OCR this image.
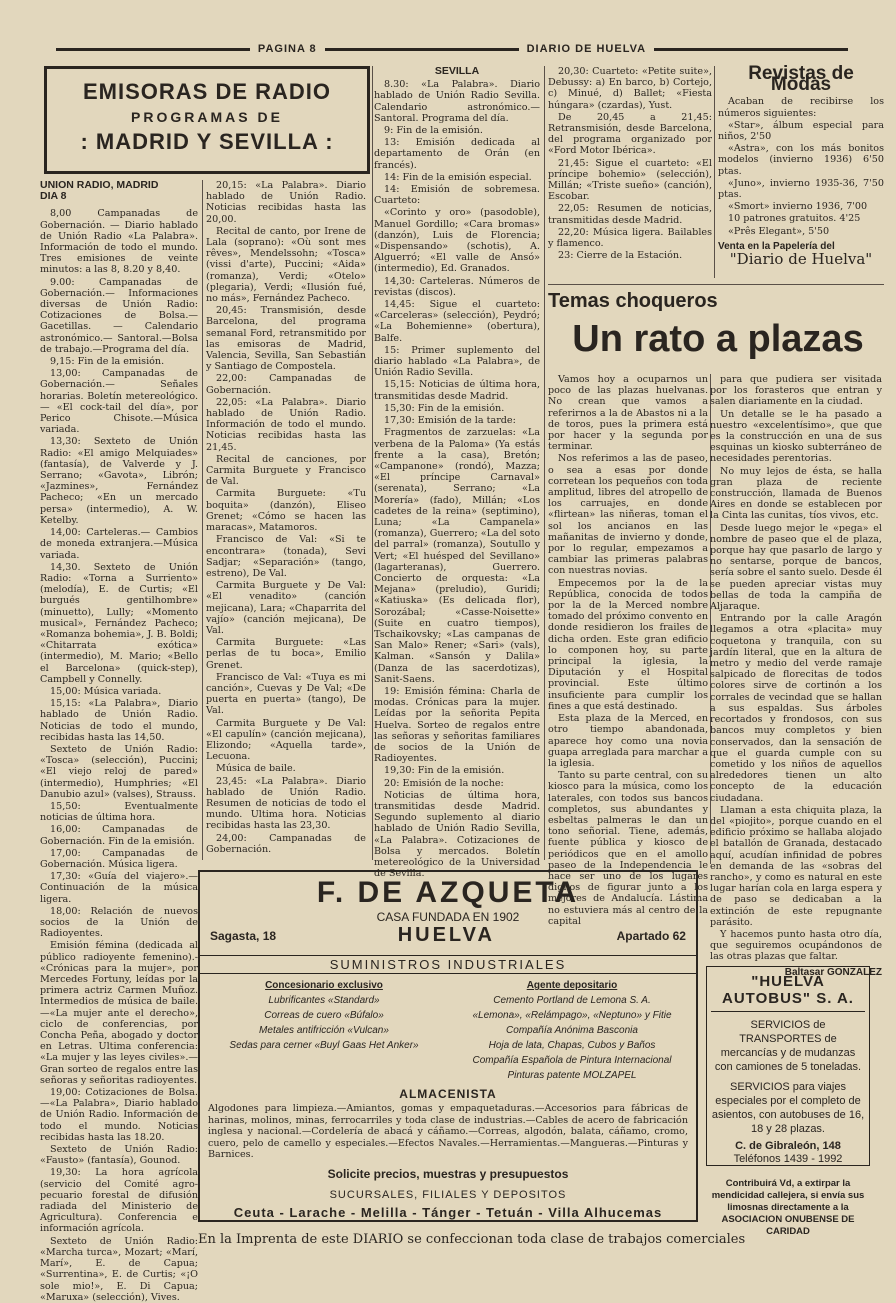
PAGINA 8	DIARIO DE HUELVA
EMISORAS DE RADIO
PROGRAMAS DE
: MADRID Y SEVILLA :
UNION RADIO, MADRID
DIA 8

8,00 Campanadas de Gobernación. — Diario hablado de Unión Radio «La Palabra». Información de todo el mundo. Tres emisiones de veinte minutos: a las 8, 8.20 y 8,40.

9.00: Campanadas de Gobernación.— Informaciones diversas de Unión Radio: Cotizaciones de Bolsa.— Gacetillas. — Calendario astronómico.— Santoral.—Bolsa de trabajo.—Programa del día.

9,15: Fin de la emisión.

13,00: Campanadas de Gobernación.— Señales horarias. Boletín metereológico. — «El cock-tail del día», por Perico Chisote.—Música variada.

13,30: Sexteto de Unión Radio: «El amigo Melquiades» (fantasía), de Valverde y J. Serrano; «Gavota», Librón; «Jazmines», Fernández Pacheco; «En un mercado persa» (intermedio), A. W. Ketelby.

14,00: Carteleras.— Cambios de moneda extranjera.—Música variada.

14,30. Sexteto de Unión Radio: «Torna a Surriento» (melodía), E. de Curtis; «El burgués gentilhombre» (minuetto), Lully; «Momento musical», Fernández Pacheco; «Romanza bohemia», J. B. Boldi; «Chitarrata exótica» (intermedio), M. Mario; «Bello el Barcelona» (quick-step), Campbell y Connelly.

15,00: Música variada.

15,15: «La Palabra», Diario hablado de Unión Radio. Noticias de todo el mundo, recibidas hasta las 14,50.

Sexteto de Unión Radio: «Tosca» (selección), Puccini; «El viejo reloj de pared» (intermedio), Humphries; «El Danubio azul» (valses), Strauss.

15,50: Eventualmente noticias de última hora.

16,00: Campanadas de Gobernación. Fin de la emisión.

17,00: Campanadas de Gobernación. Música ligera.

17,30: «Guía del viajero».— Continuación de la música ligera.

18,00: Relación de nuevos socios de la Unión de Radioyentes.

Emisión fémina (dedicada al público radioyente femenino).- «Crónicas para la mujer», por Mercedes Fortuny, leídas por la primera actriz Carmen Muñoz. Intermedios de música de baile.—«La mujer ante el derecho», ciclo de conferencias, por Concha Peña, abogado y doctor en Letras. Ultima conferencia: «La mujer y las leyes civiles».—Gran sorteo de regalos entre las señoras y señoritas radioyentes.

19,00: Cotizaciones de Bolsa.—«La Palabra», Diario hablado de Unión Radio. Información de todo el mundo. Noticias recibidas hasta las 18.20.

Sexteto de Unión Radio: «Fausto» (fantasía), Gounod.

19,30: La hora agrícola (servicio del Comité agro-pecuario forestal de difusión radiada del Ministerio de Agricultura). Conferencia e información agrícola.

Sexteto de Unión Radio: «Marcha turca», Mozart; «Marí, Marí», E. de Capua; «Surrentina», E. de Curtis; «¡O sole mio!», E. Di Capua; «Maruxa» (selección), Vives.

20,15: «La Palabra». Diario hablado de Unión Radio. Noticias recibidas hasta las 20,00.

Recital de canto, por Irene de Lala (soprano): «Où sont mes rêves», Mendelssohn; «Tosca» (vissi d'arte), Puccini; «Aida» (romanza), Verdi; «Otelo» (plegaria), Verdi; «Ilusión fué, no más», Fernández Pacheco.

20,45: Transmisión, desde Barcelona, del programa semanal Ford, retransmitido por las emisoras de Madrid, Valencia, Sevilla, San Sebastián y Santiago de Compostela.

22,00: Campanadas de Gobernación.

22,05: «La Palabra». Diario hablado de Unión Radio. Información de todo el mundo. Noticias recibidas hasta las 21,45.

Recital de canciones, por Carmita Burguete y Francisco de Val.

Carmita Burguete: «Tu boquita» (danzón), Eliseo Grenet; «Cómo se hacen las maracas», Matamoros.

Francisco de Val: «Si te encontrara» (tonada), Sevi Sadjar; «Separación» (tango, estreno), De Val.

Carmita Burguete y De Val: «El venadito» (canción mejicana), Lara; «Chaparrita del vajío» (canción mejicana), De Val.

Carmita Burguete: «Las perlas de tu boca», Emilio Grenet.

Francisco de Val: «Tuya es mi canción», Cuevas y De Val; «De puerta en puerta» (tango), De Val.

Carmita Burguete y De Val: «El capulín» (canción mejicana), Elizondo; «Aquella tarde», Lecuona.

Música de baile.

23,45: «La Palabra». Diario hablado de Unión Radio. Resumen de noticias de todo el mundo. Ultima hora. Noticias recibidas hasta las 23,30.

24,00: Campanadas de Gobernación.

SEVILLA

8.30: «La Palabra». Diario hablado de Unión Radio Sevilla. Calendario astronómico.— Santoral. Programa del día.

9: Fin de la emisión.

13: Emisión dedicada al departamento de Orán (en francés).

14: Fin de la emisión especial.

14: Emisión de sobremesa. Cuarteto:

«Corinto y oro» (pasodoble), Manuel Gordillo; «Cara bromas» (danzón), Luis de Florencia; «Dispensando» (schotis), A. Alguerró; «El valle de Ansó» (intermedio), Ed. Granados.

14,30: Carteleras. Números de revistas (discos).

14,45: Sigue el cuarteto: «Carceleras» (selección), Peydró; «La Bohemienne» (obertura), Balfe.

15: Primer suplemento del diario hablado «La Palabra», de Unión Radio Sevilla.

15,15: Noticias de última hora, transmitidas desde Madrid.

15,30: Fin de la emisión.

17,30: Emisión de la tarde:

Fragmentos de zarzuelas: «La verbena de la Paloma» (Ya estás frente a la casa), Bretón; «Campanone» (rondó), Mazza; «El príncipe Carnaval» (serenata), Serrano; «La Morería» (fado), Millán; «Los cadetes de la reina» (septimino), Luna; «La Campanela» (romanza), Guerrero; «La del soto del parral» (romanza), Soutullo y Vert; «El huésped del Sevillano» (lagarteranas), Guerrero. Concierto de orquesta: «La Mejana» (preludio), Guridi; «Katiuska» (Es delicada flor), Sorozábal; «Casse-Noisette» (Suite en cuatro tiempos), Tschaikovsky; «Las campanas de San Malo» Rener; «Sari» (vals), Kalman. «Sansón y Dalila» (Danza de las sacerdotizas), Sanit-Saens.

19: Emisión fémina: Charla de modas. Crónicas para la mujer. Leídas por la señorita Pepita Huelva. Sorteo de regalos entre las señoras y señoritas familiares de socios de la Unión de Radioyentes.

19,30: Fin de la emisión.

20: Emisión de la noche:

Noticias de última hora, transmitidas desde Madrid. Segundo suplemento al diario hablado de Unión Radio Sevilla, «La Palabra». Cotizaciones de Bolsa y mercados. Boletín metereológico de la Universidad de Sevilla.

20,30: Cuarteto: «Petite suite», Debussy: a) En barco, b) Cortejo, c) Minué, d) Ballet; «Fiesta húngara» (czardas), Yust.

De 20,45 a 21,45: Retransmisión, desde Barcelona, del programa organizado por «Ford Motor Ibérica».

21,45: Sigue el cuarteto: «El príncipe bohemio» (selección), Millán; «Triste sueño» (canción), Escobar.

22,05: Resumen de noticias, transmitidas desde Madrid.

22,20: Música ligera. Bailables y flamenco.

23: Cierre de la Estación.

Revistas de Modas

Acaban de recibirse los números siguientes:

«Star», álbum especial para niños, 2'50

«Astra», con los más bonitos modelos (invierno 1936) 6'50 ptas.

«Juno», invierno 1935-36, 7'50 ptas.

«Smort» invierno 1936, 7'00

10 patrones gratuitos. 4'25

«Prês Elegant», 5'50

Venta en la Papelería del
"Diario de Huelva"
Temas choqueros
Un rato a plazas

Vamos hoy a ocuparnos un poco de las plazas huelvanas. No crean que vamos a referirnos a la de Abastos ni a la de toros, pues la primera está por hacer y la segunda por terminar.

Nos referimos a las de paseo, o sea a esas por donde corretean los pequeños con toda amplitud, libres del atropello de los carruajes, en donde «flirtean» las niñeras, toman el sol los ancianos en las mañanitas de invierno y donde, por lo regular, empezamos a cambiar las primeras palabras con nuestras novias.

Empecemos por la de la República, conocida de todos por la de la Merced nombre tomado del próximo convento en donde residieron los frailes de dicha orden. Este gran edificio lo componen hoy, su parte principal la iglesia, la Diputación y el Hospital provincial. Este último insuficiente para cumplir los fines a que está destinado.

Esta plaza de la Merced, en otro tiempo abandonada, aparece hoy como una novia guapa arreglada para marchar a la iglesia.

Tanto su parte central, con su kiosco para la música, como los laterales, con todos sus bancos completos, sus abundantes y esbeltas palmeras le dan un tono señorial. Tiene, además, fuente pública y kiosco de periódicos que en el amollo paseo de la Independencia le hace ser uno de los lugares dignos de figurar junto a los mejores de Andalucía. Lástima no estuviera más al centro de la capital

para que pudiera ser visitada por los forasteros que entran y salen diariamente en la ciudad.

Un detalle se le ha pasado a nuestro «excelentísimo», que que es la construcción en una de sus esquinas un kiosko subterráneo de necesidades perentorias.

No muy lejos de ésta, se halla gran plaza de reciente construcción, llamada de Buenos Aires en donde se establecen por la Cinta las cunitas, tíos vivos, etc.

Desde luego mejor le «pega» el nombre de paseo que el de plaza, porque hay que pasarlo de largo y no sentarse, porque de bancos, sería sobre el santo suelo. Desde él se pueden apreciar vistas muy bellas de toda la campiña de Aljaraque.

Entrando por la calle Aragón llegamos a otra «placita» muy coquetona y tranquila, con su jardín literal, que en la altura de metro y medio del verde ramaje salpicado de florecitas de todos colores sirve de cortinón a los corrales de vecindad que se hallan a sus espaldas. Sus árboles recortados y frondosos, con sus bancos muy completos y bien conservados, dan la sensación de que el guarda cumple con su cometido y los niños de aquellos alrededores tienen un alto concepto de la educación ciudadana.

Llaman a esta chiquita plaza, la del «piojito», porque cuando en el edificio próximo se hallaba alojado el batallón de Granada, destacado aquí, acudían infinidad de pobres en demanda de las «sobras del rancho», y como es natural en este lugar harían cola en larga espera y de paso se dedicaban a la extinción de este repugnante parásito.

Y hacemos punto hasta otro día, que seguiremos ocupándonos de las otras plazas que faltar.

Baltasar GONZALEZ
F. DE AZQUETA
CASA FUNDADA EN 1902
Sagasta, 18	HUELVA	Apartado 62
SUMINISTROS INDUSTRIALES
Concesionario exclusivo
Lubrificantes «Standard»
Correas de cuero «Búfalo»
Metales antifricción «Vulcan»
Sedas para cerner «Buyl Gaas Het Anker»
Agente depositario
Cemento Portland de Lemona S. A.
«Lemona», «Relámpago», «Neptuno» y Fitie
Compañía Anónima Basconia
Hoja de lata, Chapas, Cubos y Baños
Compañía Española de Pintura Internacional
Pinturas patente MOLZAPEL
ALMACENISTA
Algodones para limpieza.—Amiantos, gomas y empaquetaduras.—Accesorios para fábricas de harinas, molinos, minas, ferrocarriles y toda clase de industrias.—Cables de acero de fabricación inglesa y nacional.—Cordelería de abacá y cáñamo.—Correas, algodón, balata, cáñamo, cromo, cuero, pelo de camello y especiales.—Efectos Navales.—Herramientas.—Mangueras.—Pinturas y Barnices.
Solicite precios, muestras y presupuestos
SUCURSALES, FILIALES Y DEPOSITOS
Ceuta - Larache - Melilla - Tánger - Tetuán - Villa Alhucemas
"HUELVA AUTOBUS" S. A.
SERVICIOS de TRANSPORTES de mercancías y de mudanzas con camiones de 5 toneladas.
SERVICIOS para viajes especiales por el completo de asientos, con autobuses de 16, 18 y 28 plazas.
C. de Gibraleón, 148
Teléfonos 1439 - 1992
Contribuirá Vd, a extirpar la mendicidad callejera, si envía sus limosnas directamente a la ASOCIACION ONUBENSE DE CARIDAD
En la Imprenta de este DIARIO se confeccionan toda clase de trabajos comerciales
